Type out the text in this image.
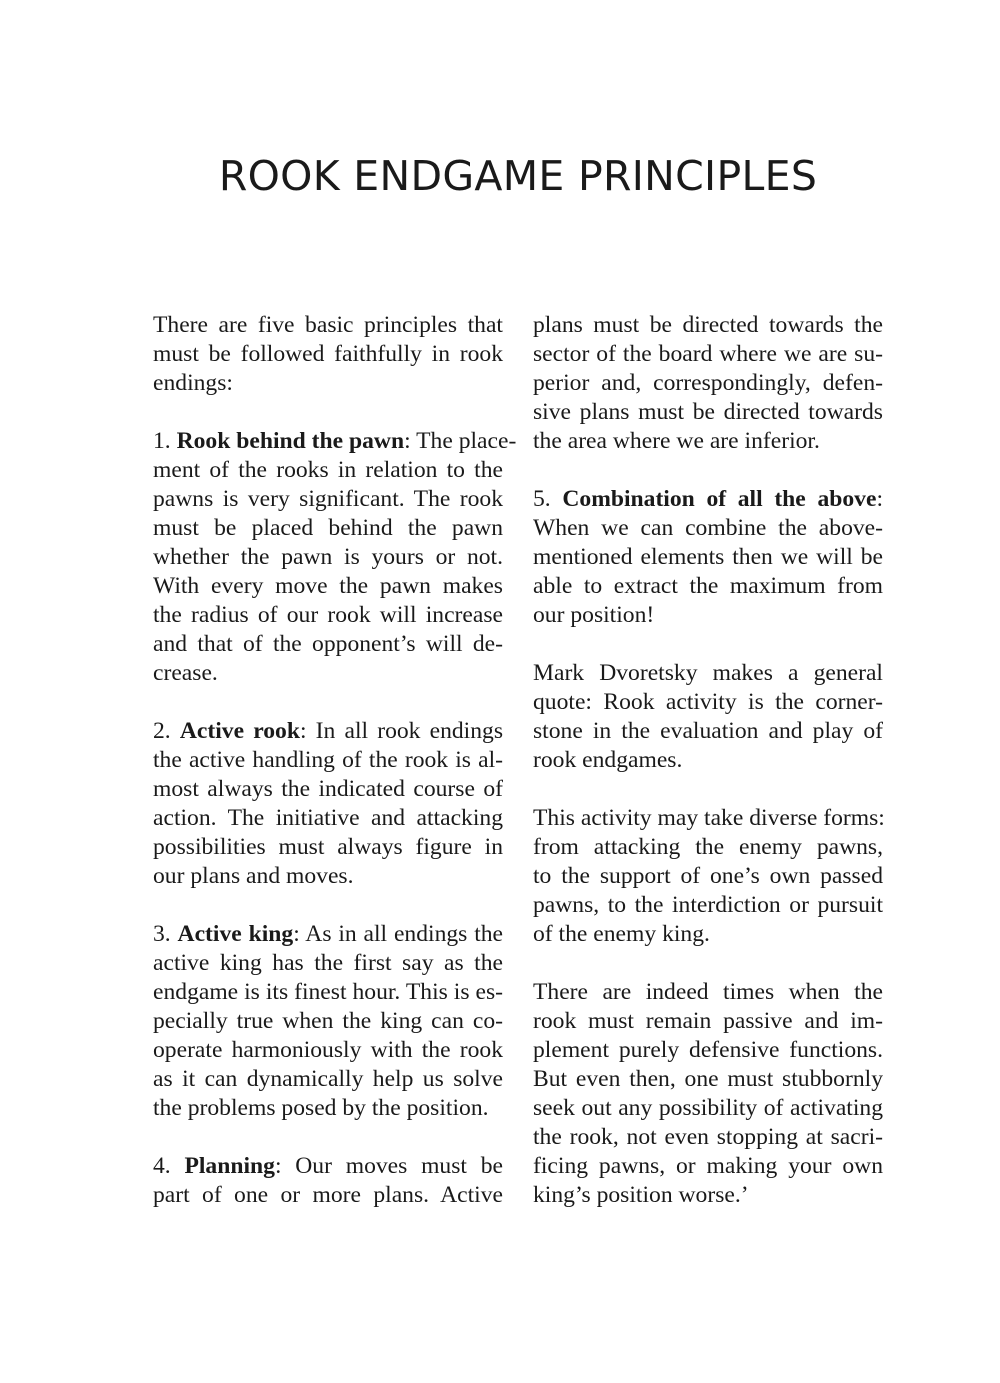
ROOK ENDGAME PRINCIPLES
There are five basic principles that
must be followed faithfully in rook
endings:
1. Rook behind the pawn: The place-
ment of the rooks in relation to the
pawns is very significant. The rook
must be placed behind the pawn
whether the pawn is yours or not.
With every move the pawn makes
the radius of our rook will increase
and that of the opponent’s will de-
crease.
2. Active rook: In all rook endings
the active handling of the rook is al-
most always the indicated course of
action. The initiative and attacking
possibilities must always figure in
our plans and moves.
3. Active king: As in all endings the
active king has the first say as the
endgame is its finest hour. This is es-
pecially true when the king can co-
operate harmoniously with the rook
as it can dynamically help us solve
the problems posed by the position.
4. Planning: Our moves must be
part of one or more plans. Active
plans must be directed towards the
sector of the board where we are su-
perior and, correspondingly, defen-
sive plans must be directed towards
the area where we are inferior.
5. Combination of all the above:
When we can combine the above-
mentioned elements then we will be
able to extract the maximum from
our position!
Mark Dvoretsky makes a general
quote: Rook activity is the corner-
stone in the evaluation and play of
rook endgames.
This activity may take diverse forms:
from attacking the enemy pawns,
to the support of one’s own passed
pawns, to the interdiction or pursuit
of the enemy king.
There are indeed times when the
rook must remain passive and im-
plement purely defensive functions.
But even then, one must stubbornly
seek out any possibility of activating
the rook, not even stopping at sacri-
ficing pawns, or making your own
king’s position worse.’
